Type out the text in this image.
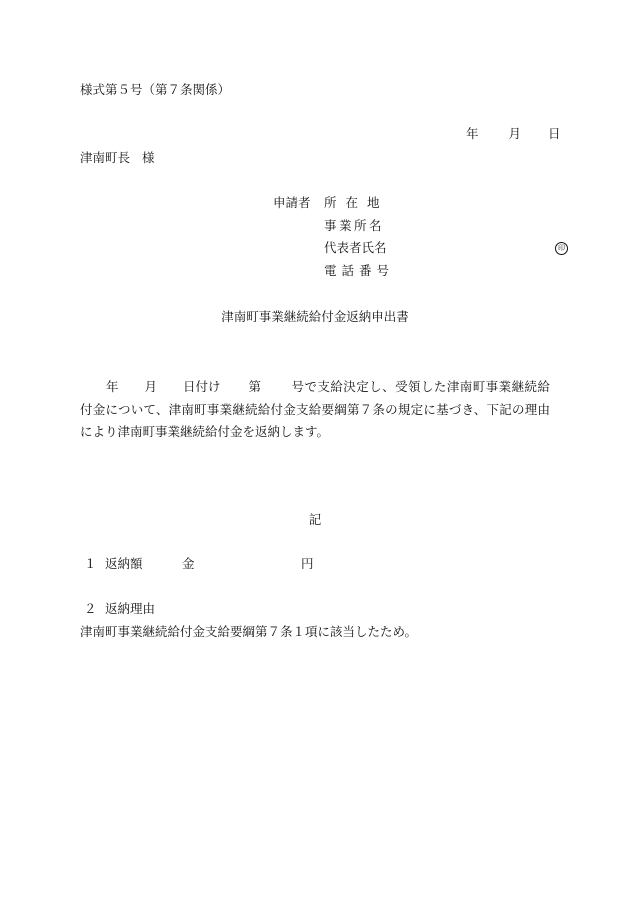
様式第５号（第７条関係）
年 月 日
津南町長 様
申請者 所在地
事業所名
代表者氏名	印
電話番号
津南町事業継続給付金返納申出書
年 月 日付け 第 号で支給決定し、受領した津南町事業継続給付金について、津南町事業継続給付金支給要綱第７条の規定に基づき、下記の理由により津南町事業継続給付金を返納します。
記
１ 返納額	金	円
２ 返納理由
津南町事業継続給付金支給要綱第７条１項に該当したため。
